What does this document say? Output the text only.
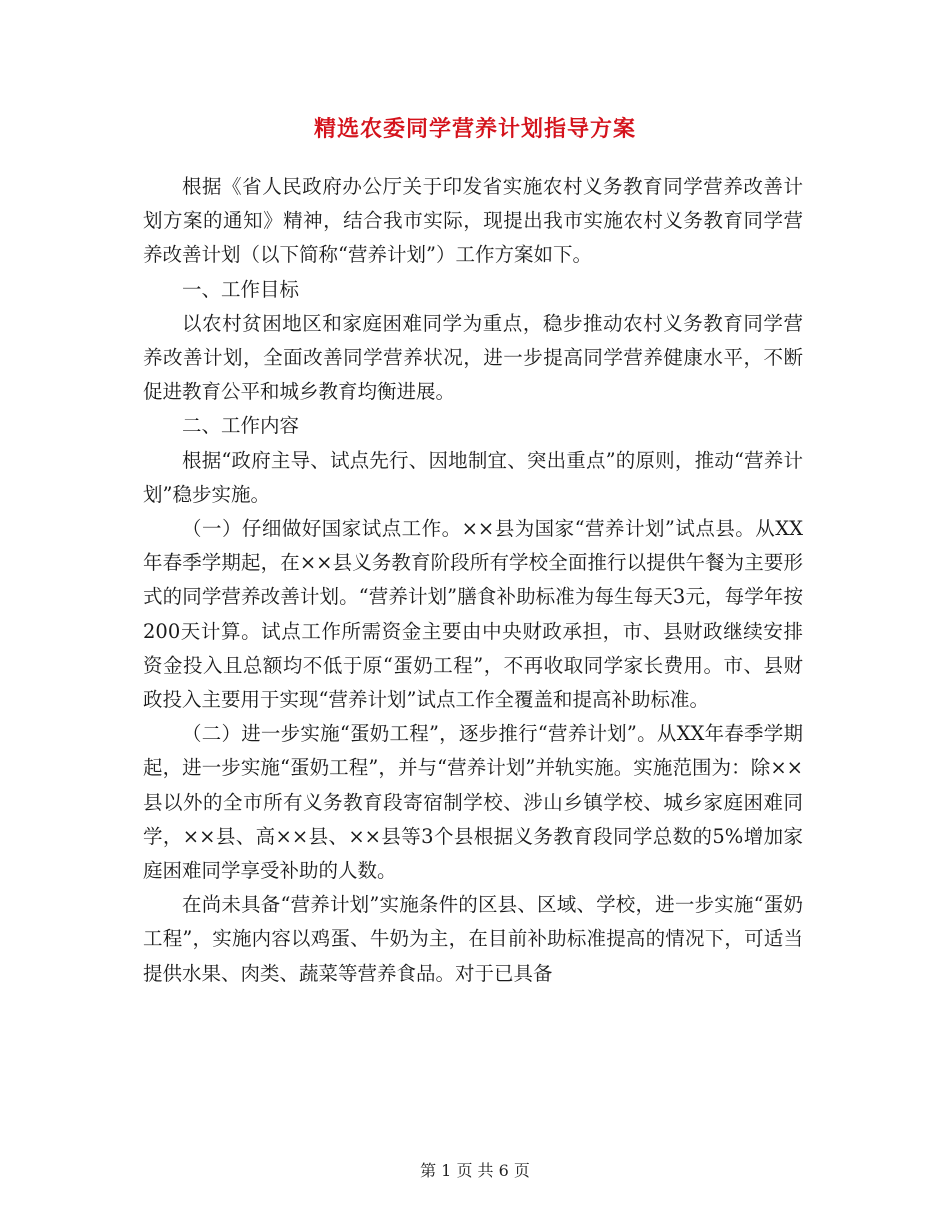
精选农委同学营养计划指导方案

根据《省人民政府办公厅关于印发省实施农村义务教育同学营养改善计划方案的通知》精神，结合我市实际，现提出我市实施农村义务教育同学营养改善计划（以下简称“营养计划”）工作方案如下。

一、工作目标

以农村贫困地区和家庭困难同学为重点，稳步推动农村义务教育同学营养改善计划，全面改善同学营养状况，进一步提高同学营养健康水平，不断促进教育公平和城乡教育均衡进展。

二、工作内容

根据“政府主导、试点先行、因地制宜、突出重点”的原则，推动“营养计划”稳步实施。

（一）仔细做好国家试点工作。××县为国家“营养计划”试点县。从XX年春季学期起，在××县义务教育阶段所有学校全面推行以提供午餐为主要形式的同学营养改善计划。“营养计划”膳食补助标准为每生每天3元，每学年按200天计算。试点工作所需资金主要由中央财政承担，市、县财政继续安排资金投入且总额均不低于原“蛋奶工程”，不再收取同学家长费用。市、县财政投入主要用于实现“营养计划”试点工作全覆盖和提高补助标准。

（二）进一步实施“蛋奶工程”，逐步推行“营养计划”。从XX年春季学期起，进一步实施“蛋奶工程”，并与“营养计划”并轨实施。实施范围为：除××县以外的全市所有义务教育段寄宿制学校、涉山乡镇学校、城乡家庭困难同学，××县、高××县、××县等3个县根据义务教育段同学总数的5%增加家庭困难同学享受补助的人数。

在尚未具备“营养计划”实施条件的区县、区域、学校，进一步实施“蛋奶工程”，实施内容以鸡蛋、牛奶为主，在目前补助标准提高的情况下，可适当提供水果、肉类、蔬菜等营养食品。对于已具备

第 1 页 共 6 页
